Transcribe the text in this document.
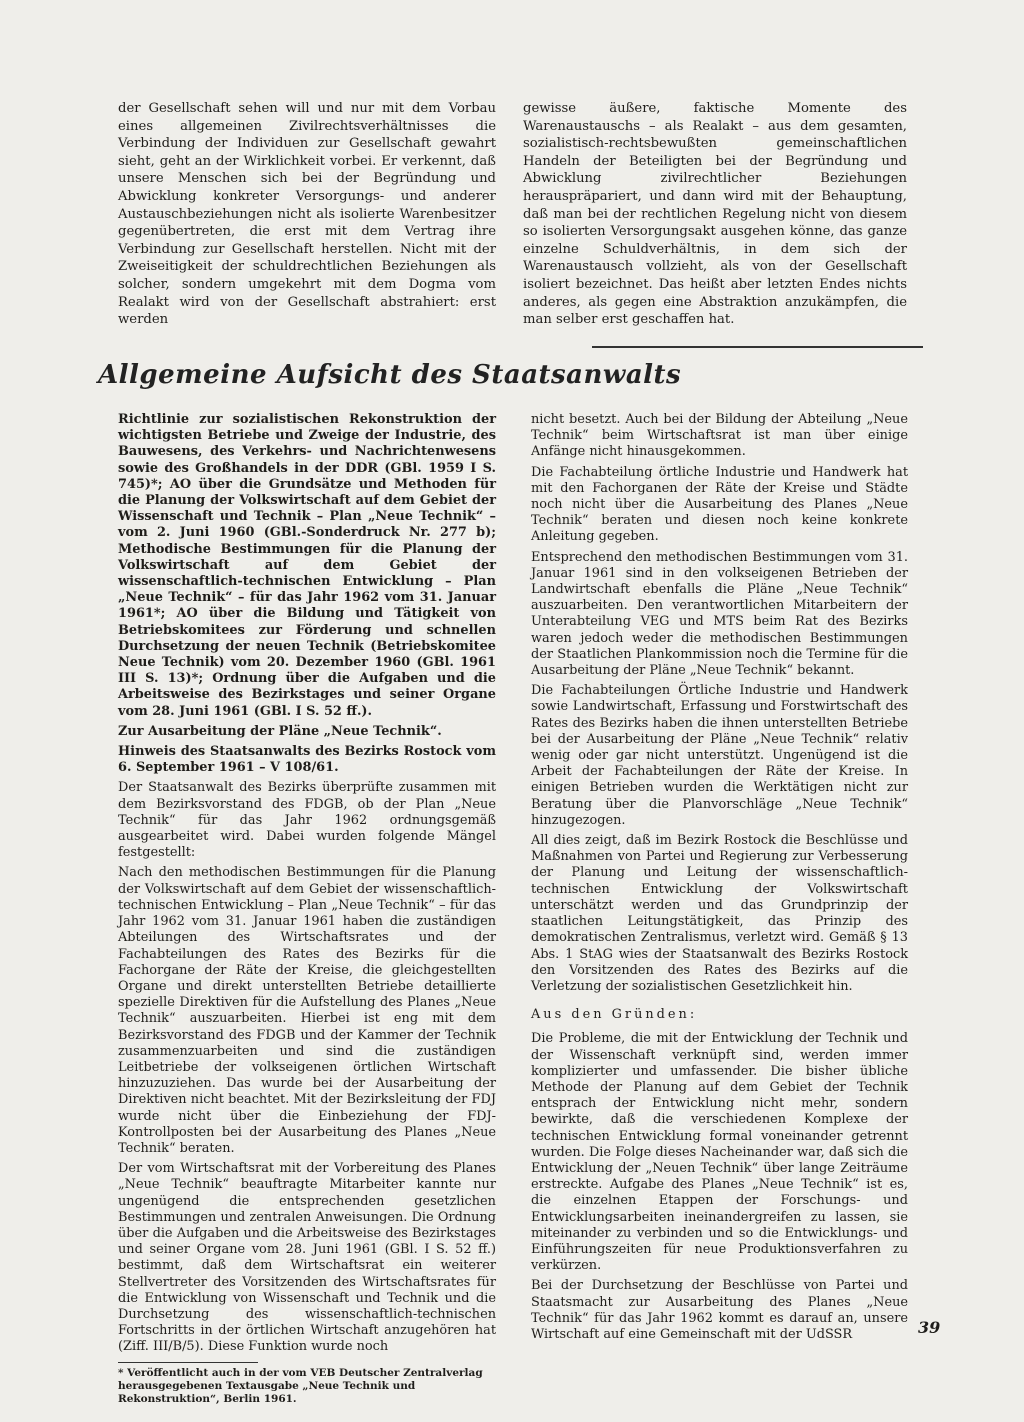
der Gesellschaft sehen will und nur mit dem Vorbau eines allgemeinen Zivilrechtsverhältnisses die Verbindung der Individuen zur Gesellschaft gewahrt sieht, geht an der Wirklichkeit vorbei. Er verkennt, daß unsere Menschen sich bei der Begründung und Abwicklung konkreter Versorgungs- und anderer Austauschbeziehungen nicht als isolierte Warenbesitzer gegenübertreten, die erst mit dem Vertrag ihre Verbindung zur Gesellschaft herstellen. Nicht mit der Zweiseitigkeit der schuldrechtlichen Beziehungen als solcher, sondern umgekehrt mit dem Dogma vom Realakt wird von der Gesellschaft abstrahiert: erst werden

gewisse äußere, faktische Momente des Warenaustauschs – als Realakt – aus dem gesamten, sozialistisch-rechtsbewußten gemeinschaftlichen Handeln der Beteiligten bei der Begründung und Abwicklung zivilrechtlicher Beziehungen herauspräpariert, und dann wird mit der Behauptung, daß man bei der rechtlichen Regelung nicht von diesem so isolierten Versorgungsakt ausgehen könne, das ganze einzelne Schuldverhältnis, in dem sich der Warenaustausch vollzieht, als von der Gesellschaft isoliert bezeichnet. Das heißt aber letzten Endes nichts anderes, als gegen eine Abstraktion anzukämpfen, die man selber erst geschaffen hat.

Allgemeine Aufsicht des Staatsanwalts

Richtlinie zur sozialistischen Rekonstruktion der wichtigsten Betriebe und Zweige der Industrie, des Bauwesens, des Verkehrs- und Nachrichtenwesens sowie des Großhandels in der DDR (GBl. 1959 I S. 745)*; AO über die Grundsätze und Methoden für die Planung der Volkswirtschaft auf dem Gebiet der Wissenschaft und Technik – Plan „Neue Technik“ – vom 2. Juni 1960 (GBl.-Sonderdruck Nr. 277 b); Methodische Bestimmungen für die Planung der Volkswirtschaft auf dem Gebiet der wissenschaftlich-technischen Entwicklung – Plan „Neue Technik“ – für das Jahr 1962 vom 31. Januar 1961*; AO über die Bildung und Tätigkeit von Betriebskomitees zur Förderung und schnellen Durchsetzung der neuen Technik (Betriebskomitee Neue Technik) vom 20. Dezember 1960 (GBl. 1961 III S. 13)*; Ordnung über die Aufgaben und die Arbeitsweise des Bezirkstages und seiner Organe vom 28. Juni 1961 (GBl. I S. 52 ff.).

Zur Ausarbeitung der Pläne „Neue Technik“.

Hinweis des Staatsanwalts des Bezirks Rostock vom 6. September 1961 – V 108/61.

Der Staatsanwalt des Bezirks überprüfte zusammen mit dem Bezirksvorstand des FDGB, ob der Plan „Neue Technik“ für das Jahr 1962 ordnungsgemäß ausgearbeitet wird. Dabei wurden folgende Mängel festgestellt:

Nach den methodischen Bestimmungen für die Planung der Volkswirtschaft auf dem Gebiet der wissenschaftlich-technischen Entwicklung – Plan „Neue Technik“ – für das Jahr 1962 vom 31. Januar 1961 haben die zuständigen Abteilungen des Wirtschaftsrates und der Fachabteilungen des Rates des Bezirks für die Fachorgane der Räte der Kreise, die gleichgestellten Organe und direkt unterstellten Betriebe detaillierte spezielle Direktiven für die Aufstellung des Planes „Neue Technik“ auszuarbeiten. Hierbei ist eng mit dem Bezirksvorstand des FDGB und der Kammer der Technik zusammenzuarbeiten und sind die zuständigen Leitbetriebe der volkseigenen örtlichen Wirtschaft hinzuzuziehen. Das wurde bei der Ausarbeitung der Direktiven nicht beachtet. Mit der Bezirksleitung der FDJ wurde nicht über die Einbeziehung der FDJ-Kontrollposten bei der Ausarbeitung des Planes „Neue Technik“ beraten.

Der vom Wirtschaftsrat mit der Vorbereitung des Planes „Neue Technik“ beauftragte Mitarbeiter kannte nur ungenügend die entsprechenden gesetzlichen Bestimmungen und zentralen Anweisungen. Die Ordnung über die Aufgaben und die Arbeitsweise des Bezirkstages und seiner Organe vom 28. Juni 1961 (GBl. I S. 52 ff.) bestimmt, daß dem Wirtschaftsrat ein weiterer Stellvertreter des Vorsitzenden des Wirtschaftsrates für die Entwicklung von Wissenschaft und Technik und die Durchsetzung des wissenschaftlich-technischen Fortschritts in der örtlichen Wirtschaft anzugehören hat (Ziff. III/B/5). Diese Funktion wurde noch

* Veröffentlicht auch in der vom VEB Deutscher Zentralverlag herausgegebenen Textausgabe „Neue Technik und Rekonstruktion“, Berlin 1961.

nicht besetzt. Auch bei der Bildung der Abteilung „Neue Technik“ beim Wirtschaftsrat ist man über einige Anfänge nicht hinausgekommen.

Die Fachabteilung örtliche Industrie und Handwerk hat mit den Fachorganen der Räte der Kreise und Städte noch nicht über die Ausarbeitung des Planes „Neue Technik“ beraten und diesen noch keine konkrete Anleitung gegeben.

Entsprechend den methodischen Bestimmungen vom 31. Januar 1961 sind in den volkseigenen Betrieben der Landwirtschaft ebenfalls die Pläne „Neue Technik“ auszuarbeiten. Den verantwortlichen Mitarbeitern der Unterabteilung VEG und MTS beim Rat des Bezirks waren jedoch weder die methodischen Bestimmungen der Staatlichen Plankommission noch die Termine für die Ausarbeitung der Pläne „Neue Technik“ bekannt.

Die Fachabteilungen Örtliche Industrie und Handwerk sowie Landwirtschaft, Erfassung und Forstwirtschaft des Rates des Bezirks haben die ihnen unterstellten Betriebe bei der Ausarbeitung der Pläne „Neue Technik“ relativ wenig oder gar nicht unterstützt. Ungenügend ist die Arbeit der Fachabteilungen der Räte der Kreise. In einigen Betrieben wurden die Werktätigen nicht zur Beratung über die Planvorschläge „Neue Technik“ hinzugezogen.

All dies zeigt, daß im Bezirk Rostock die Beschlüsse und Maßnahmen von Partei und Regierung zur Verbesserung der Planung und Leitung der wissenschaftlich-technischen Entwicklung der Volkswirtschaft unterschätzt werden und das Grundprinzip der staatlichen Leitungstätigkeit, das Prinzip des demokratischen Zentralismus, verletzt wird. Gemäß § 13 Abs. 1 StAG wies der Staatsanwalt des Bezirks Rostock den Vorsitzenden des Rates des Bezirks auf die Verletzung der sozialistischen Gesetzlichkeit hin.

Aus den Gründen:

Die Probleme, die mit der Entwicklung der Technik und der Wissenschaft verknüpft sind, werden immer komplizierter und umfassender. Die bisher übliche Methode der Planung auf dem Gebiet der Technik entsprach der Entwicklung nicht mehr, sondern bewirkte, daß die verschiedenen Komplexe der technischen Entwicklung formal voneinander getrennt wurden. Die Folge dieses Nacheinander war, daß sich die Entwicklung der „Neuen Technik“ über lange Zeiträume erstreckte. Aufgabe des Planes „Neue Technik“ ist es, die einzelnen Etappen der Forschungs- und Entwicklungsarbeiten ineinandergreifen zu lassen, sie miteinander zu verbinden und so die Entwicklungs- und Einführungszeiten für neue Produktionsverfahren zu verkürzen.

Bei der Durchsetzung der Beschlüsse von Partei und Staatsmacht zur Ausarbeitung des Planes „Neue Technik“ für das Jahr 1962 kommt es darauf an, unsere Wirtschaft auf eine Gemeinschaft mit der UdSSR	39
